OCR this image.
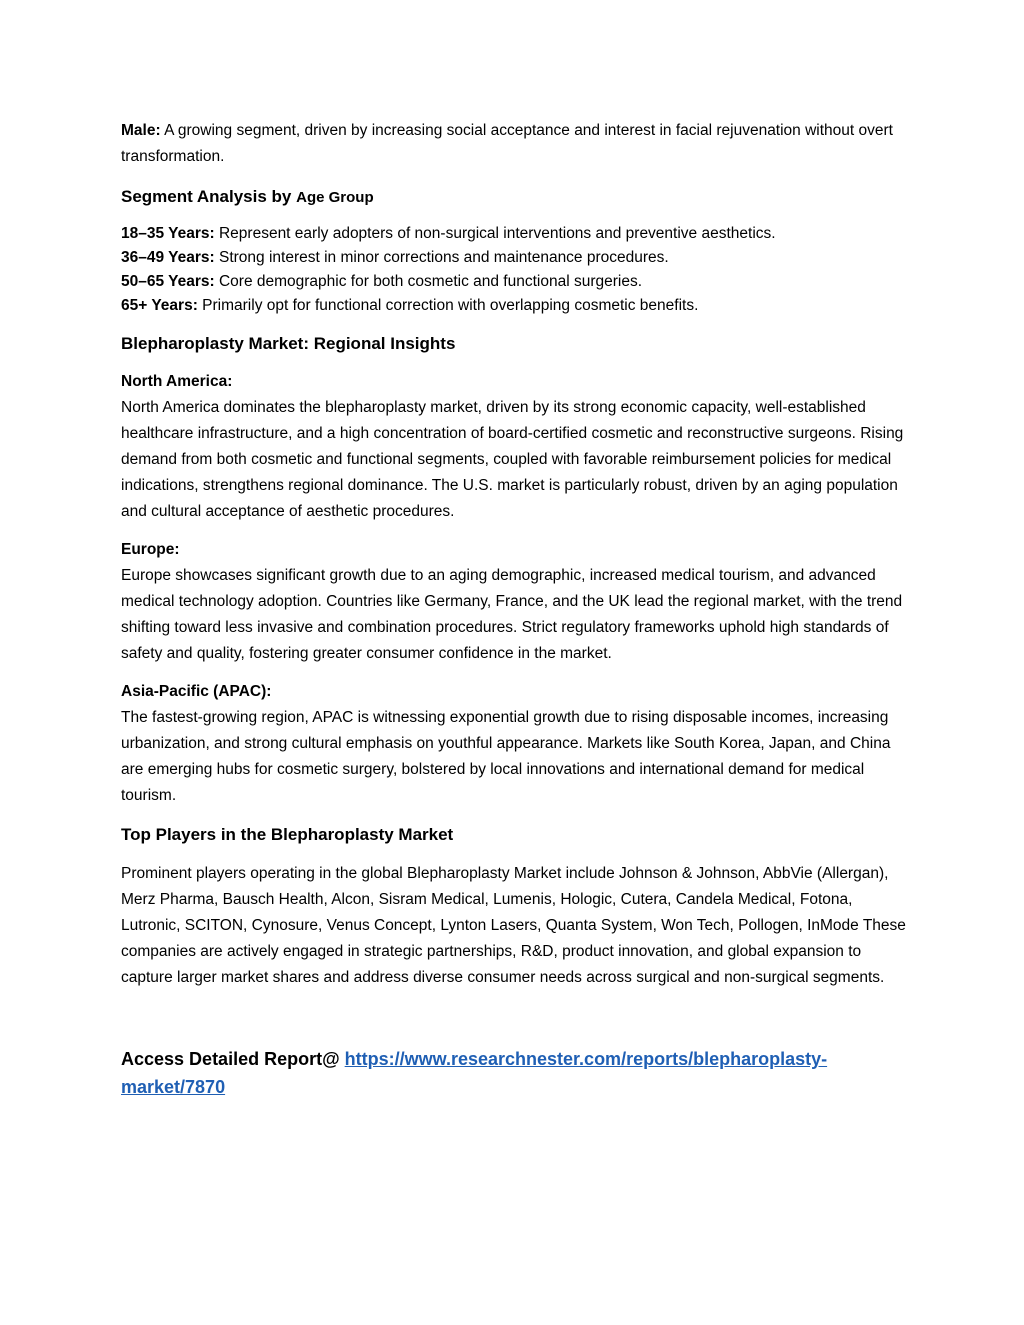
Male: A growing segment, driven by increasing social acceptance and interest in facial rejuvenation without overt transformation.

Segment Analysis by Age Group

18–35 Years: Represent early adopters of non-surgical interventions and preventive aesthetics.

36–49 Years: Strong interest in minor corrections and maintenance procedures.

50–65 Years: Core demographic for both cosmetic and functional surgeries.

65+ Years: Primarily opt for functional correction with overlapping cosmetic benefits.

Blepharoplasty Market: Regional Insights

North America:

North America dominates the blepharoplasty market, driven by its strong economic capacity, well-established healthcare infrastructure, and a high concentration of board-certified cosmetic and reconstructive surgeons. Rising demand from both cosmetic and functional segments, coupled with favorable reimbursement policies for medical indications, strengthens regional dominance. The U.S. market is particularly robust, driven by an aging population and cultural acceptance of aesthetic procedures.

Europe:

Europe showcases significant growth due to an aging demographic, increased medical tourism, and advanced medical technology adoption. Countries like Germany, France, and the UK lead the regional market, with the trend shifting toward less invasive and combination procedures. Strict regulatory frameworks uphold high standards of safety and quality, fostering greater consumer confidence in the market.

Asia-Pacific (APAC):

The fastest-growing region, APAC is witnessing exponential growth due to rising disposable incomes, increasing urbanization, and strong cultural emphasis on youthful appearance. Markets like South Korea, Japan, and China are emerging hubs for cosmetic surgery, bolstered by local innovations and international demand for medical tourism.

Top Players in the Blepharoplasty Market

Prominent players operating in the global Blepharoplasty Market include Johnson & Johnson, AbbVie (Allergan), Merz Pharma, Bausch Health, Alcon, Sisram Medical, Lumenis, Hologic, Cutera, Candela Medical, Fotona, Lutronic, SCITON, Cynosure, Venus Concept, Lynton Lasers, Quanta System, Won Tech, Pollogen, InMode These companies are actively engaged in strategic partnerships, R&D, product innovation, and global expansion to capture larger market shares and address diverse consumer needs across surgical and non-surgical segments.

Access Detailed Report@ https://www.researchnester.com/reports/blepharoplasty-market/7870
